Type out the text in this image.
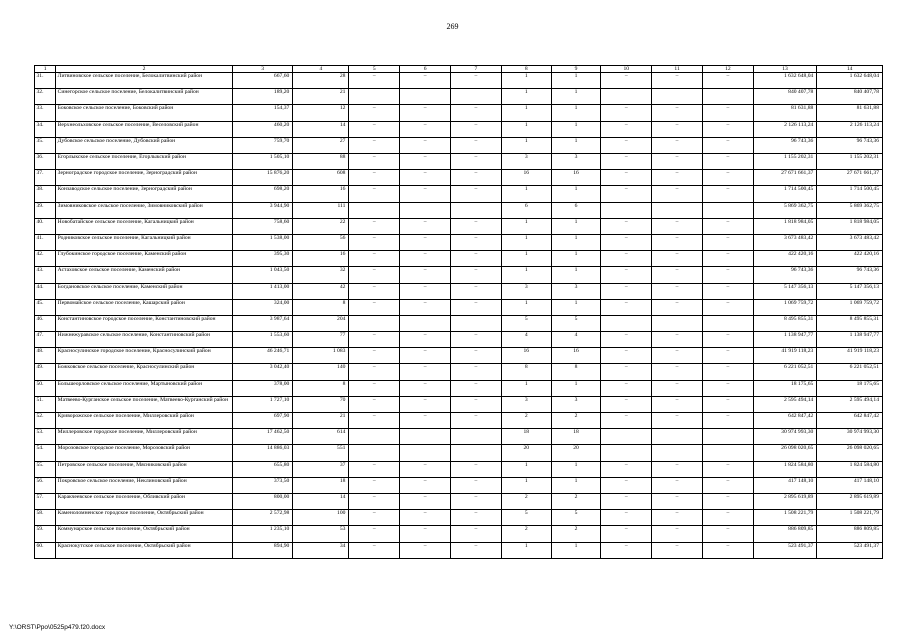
269
1	2	3	4	5	6	7	8	9	10	11	12	13	14
31.	Литвиновское сельское поселение, Белокалитвинский район	667,60	28	–	–	–	1	1	–	–	–	1 632 648,04	1 632 648,04
32.	Синегорское сельское поселение, Белокалитвинский район	189,20	21				1	1				840 407,78	840 407,78
33.	Боковское сельское поселение, Боковский район	154,37	12	–	–	–	1	1	–	–	–	81 631,88	81 631,88
34.	Верхнеольховское сельское поселение, Веселовский район	460,20	14	–	–	–	1	1	–	–	–	2 126 113,24	2 126 113,24
35.	Дубовское сельское поселение, Дубовский район	759,70	27	–	–	–	1	1	–	–	–	96 743,36	96 743,36
36.	Егорлыкское сельское поселение, Егорлыкский район	1 505,10	88	–	–	–	3	3	–	–	–	1 155 202,31	1 155 202,31
37.	Зерноградское городское поселение, Зерноградский район	15 876,20	608	–	–	–	16	16	–	–	–	27 671 661,37	27 671 661,37
38.	Конзаводское сельское поселение, Зерноградский район	698,20	16	–	–	–	1	1	–	–	–	1 714 500,45	1 714 500,45
39.	Зимовниковское сельское поселение, Зимовниковский район	3 944,90	111				6	6				5 869 362,75	5 869 362,75
40.	Новобатайское сельское поселение, Кагальницкий район	758,60	22	–	–	–	1	1	–	–	–	1 818 984,05	1 818 984,05
41.	Родниковское сельское поселение, Кагальницкий район	1 538,00	56	–	–	–	1	1	–	–	–	3 673 483,42	3 673 483,42
42.	Глубокинское городское поселение, Каменский район	395,30	16	–	–	–	1	1	–	–	–	422 420,16	422 420,16
43.	Астаховское сельское поселение, Каменский район	1 043,50	32	–	–	–	1	1	–	–	–	96 743,36	96 743,36
44.	Богдановское сельское поселение, Каменский район	1 413,00	42	–	–	–	3	3	–	–	–	5 147 356,13	5 147 356,13
45.	Первомайское сельское поселение, Кашарский район	324,00	8	–	–	–	1	1	–	–	–	1 069 759,72	1 069 759,72
46.	Константиновское городское поселение, Константиновский район	3 987,64	204				5	5				8 495 855,31	8 495 855,31
47.	Нижнежуравское сельское поселение, Константиновский район	1 553,60	77	–	–	–	4	4	–	–	–	1 138 947,77	1 138 947,77
48.	Красносулинское городское поселение, Красносулинский район	46 246,71	1 083	–	–	–	16	16	–	–	–	41 919 118,23	41 919 118,23
49.	Божковское сельское поселение, Красносулинский район	3 042,40	140	–	–	–	8	8	–	–	–	6 221 052,51	6 221 052,51
50.	Большеорловское сельское поселение, Мартыновский район	378,00	8	–	–	–	1	1	–	–	–	18 175,65	18 175,65
51.	Матвеево-Курганское сельское поселение, Матвеево-Курганский район	1 727,10	70	–	–	–	3	3	–	–	–	2 595 494,14	2 595 494,14
52.	Криворожское сельское поселение, Миллеровский район	697,90	21	–	–	–	2	2	–	–	–	642 847,42	642 847,42
53.	Миллеровское городское поселение, Миллеровский район	17 462,50	614				18	18				30 974 993,30	30 974 993,30
54.	Морозовское городское поселение, Морозовский район	14 886,03	551				20	20				26 098 020,65	26 098 020,65
55.	Петровское сельское поселение, Мясниковский район	655,80	37	–	–	–	1	1	–	–	–	1 824 584,80	1 824 584,80
56.	Покровское сельское поселение, Неклиновский район	373,50	18	–	–	–	1	1	–	–	–	417 148,10	417 148,10
57.	Каракчеевское сельское поселение, Обливский район	800,00	14	–	–	–	2	2	–	–	–	2 895 619,89	2 895 619,89
58.	Каменоломненское городское поселение, Октябрьский район	2 572,98	100	–	–	–	5	5	–	–	–	1 508 221,79	1 508 221,79
59.	Коммунарское сельское поселение, Октябрьский район	1 235,10	53	–	–	–	2	2	–	–	–	886 809,85	886 809,85
60.	Краснокутское сельское поселение, Октябрьский район	894,90	34	–	–	–	1	1	–	–	–	523 491,37	523 491,37
Y:\ORST\Ppo\0525p479.f20.docx
